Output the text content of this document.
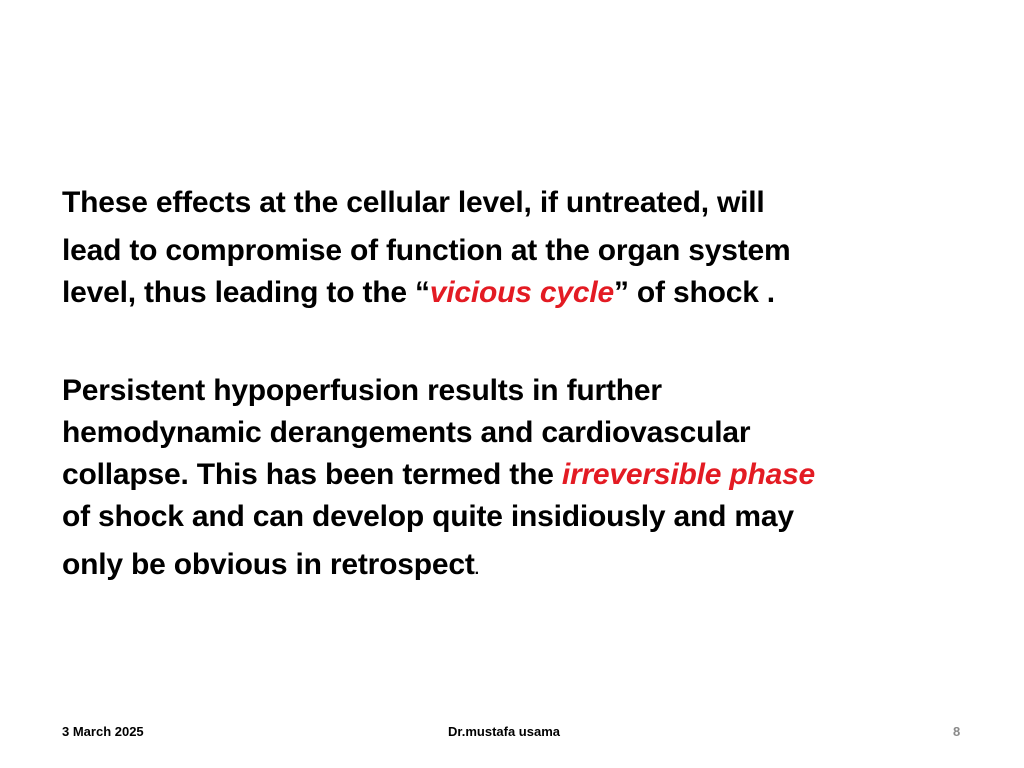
These effects at the cellular level, if untreated, will
lead to compromise of function at the organ system
level, thus leading to the “vicious cycle” of shock .
Persistent hypoperfusion results in further
hemodynamic derangements and cardiovascular
collapse. This has been termed the irreversible phase
of shock and can develop quite insidiously and may
only be obvious in retrospect.
3 March 2025	Dr.mustafa usama	8
